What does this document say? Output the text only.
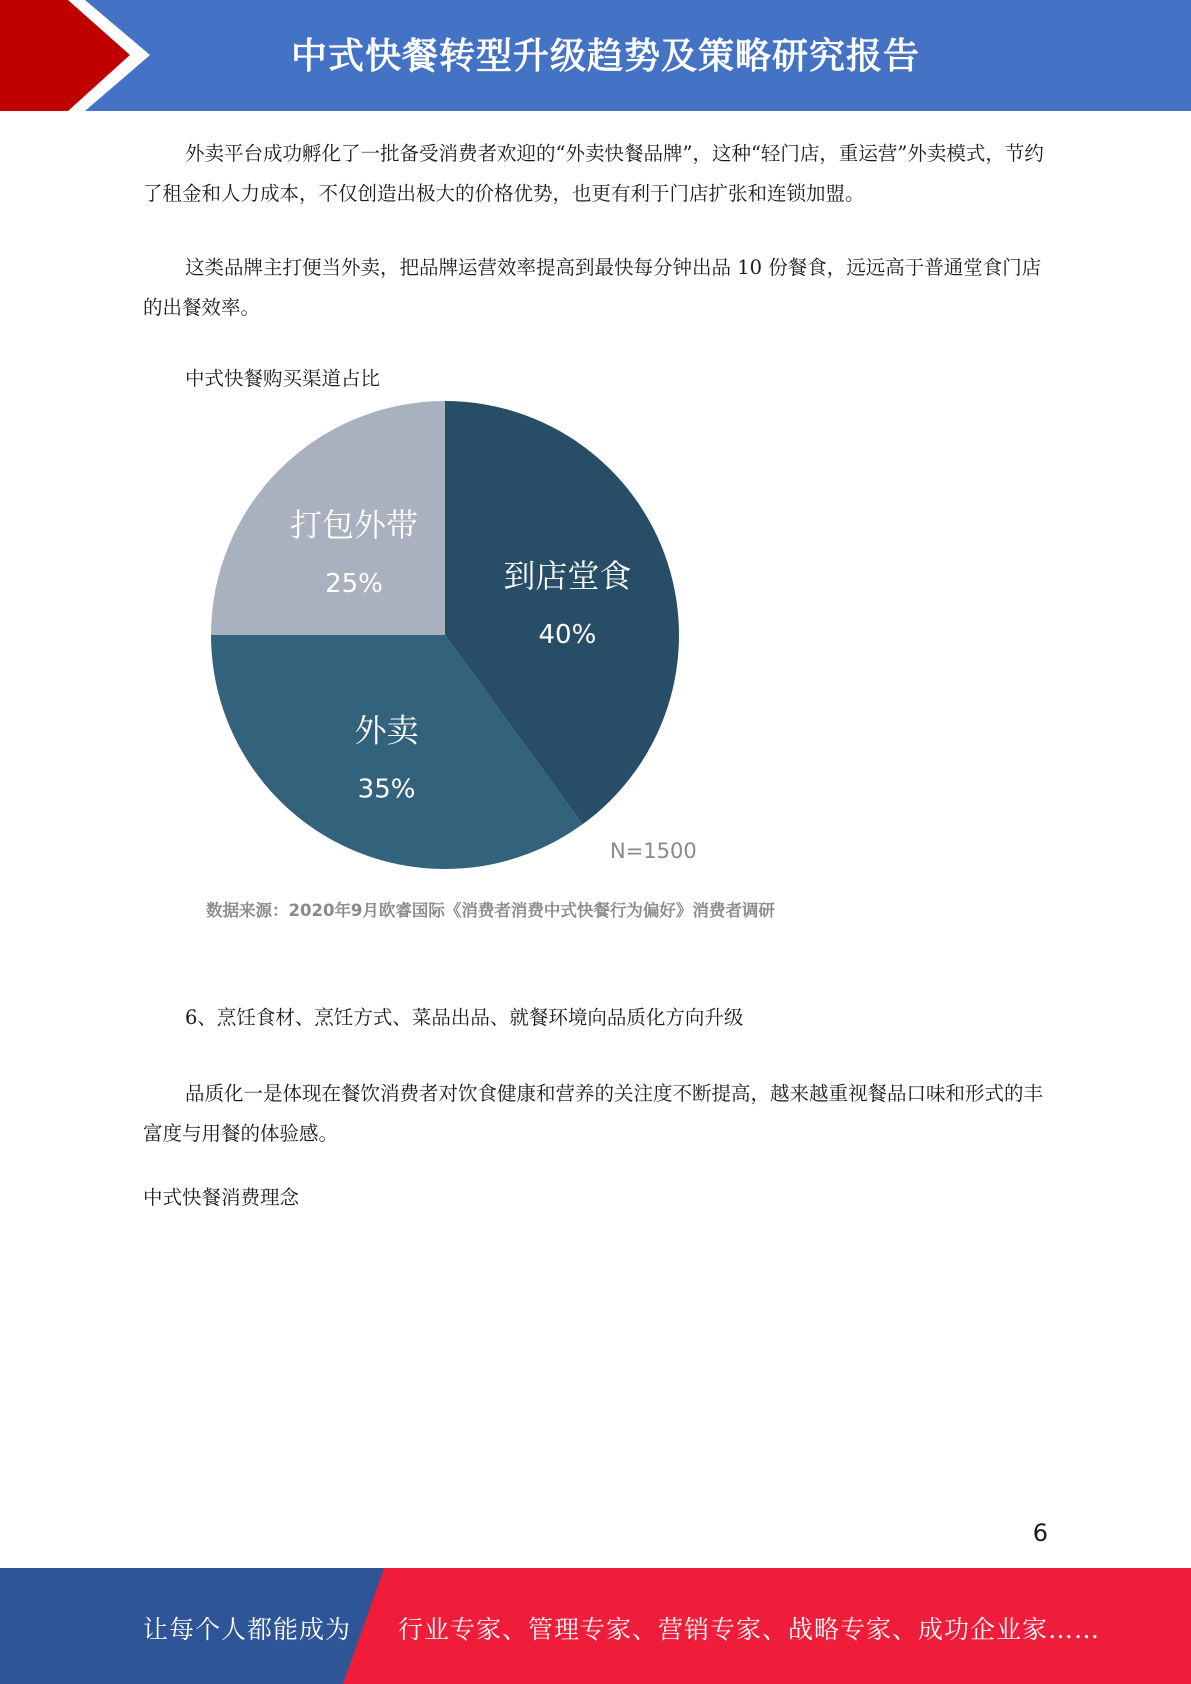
中式快餐转型升级趋势及策略研究报告

外卖平台成功孵化了一批备受消费者欢迎的“外卖快餐品牌”，这种“轻门店，重运营”外卖模式，节约了租金和人力成本，不仅创造出极大的价格优势，也更有利于门店扩张和连锁加盟。

这类品牌主打便当外卖，把品牌运营效率提高到最快每分钟出品 10 份餐食，远远高于普通堂食门店的出餐效率。

中式快餐购买渠道占比

到店堂食
40%
外卖
35%
打包外带
25%
N=1500
数据来源：2020年9月欧睿国际《消费者消费中式快餐行为偏好》消费者调研

6、烹饪食材、烹饪方式、菜品出品、就餐环境向品质化方向升级

品质化一是体现在餐饮消费者对饮食健康和营养的关注度不断提高，越来越重视餐品口味和形式的丰富度与用餐的体验感。

中式快餐消费理念

6
让每个人都能成为 行业专家、管理专家、营销专家、战略专家、成功企业家……
